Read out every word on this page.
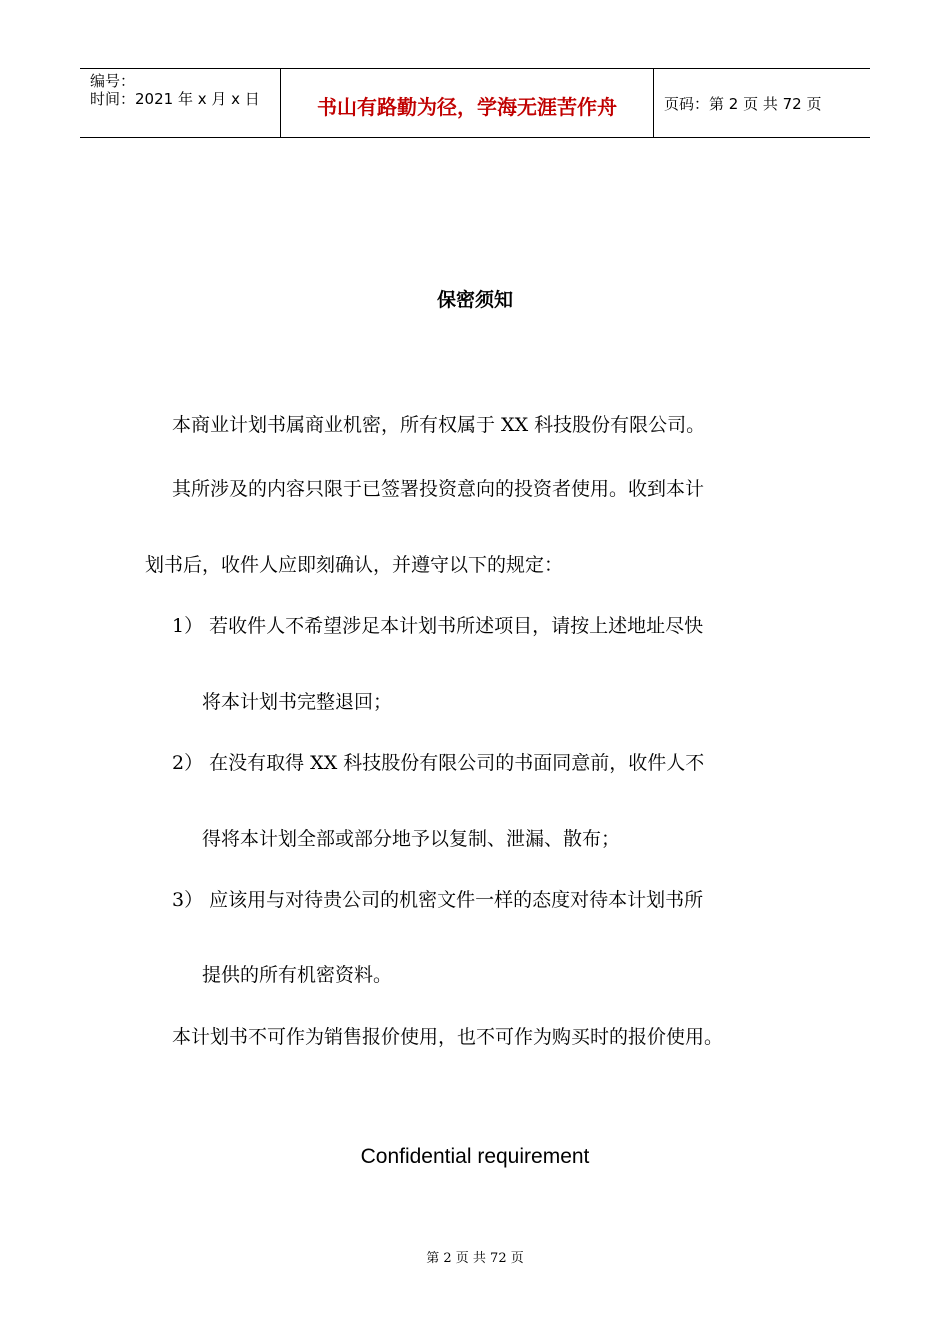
编号：
时间：2021 年 x 月 x 日	书山有路勤为径，学海无涯苦作舟	页码：第 2 页 共 72 页
保密须知
本商业计划书属商业机密，所有权属于 XX 科技股份有限公司。
其所涉及的内容只限于已签署投资意向的投资者使用。收到本计
划书后，收件人应即刻确认，并遵守以下的规定：
1） 若收件人不希望涉足本计划书所述项目，请按上述地址尽快
将本计划书完整退回；
2） 在没有取得 XX 科技股份有限公司的书面同意前，收件人不
得将本计划全部或部分地予以复制、泄漏、散布；
3） 应该用与对待贵公司的机密文件一样的态度对待本计划书所
提供的所有机密资料。
本计划书不可作为销售报价使用，也不可作为购买时的报价使用。
Confidential requirement
第 2 页 共 72 页
